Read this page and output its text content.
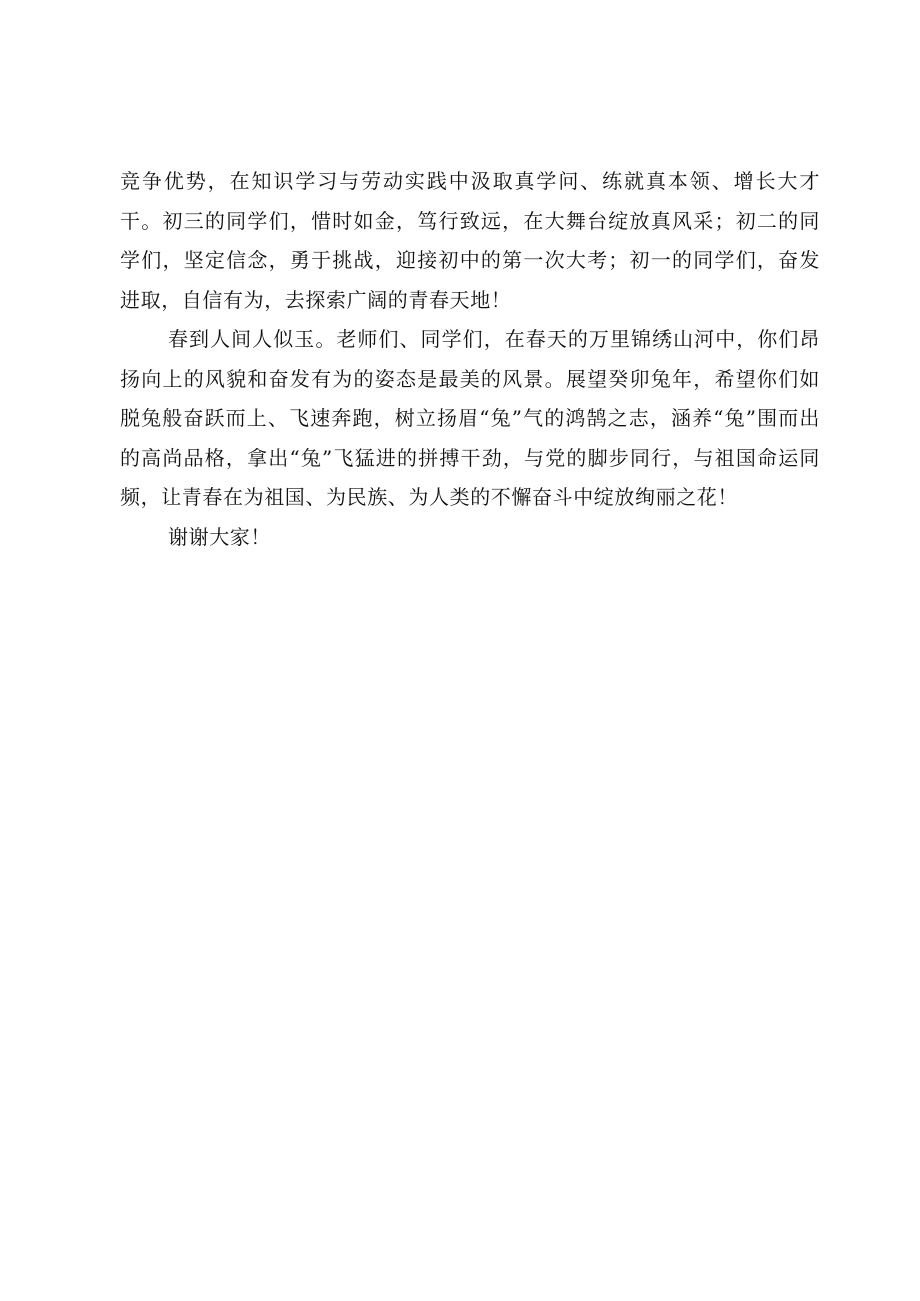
竞争优势，在知识学习与劳动实践中汲取真学问、练就真本领、增长大才干。初三的同学们，惜时如金，笃行致远，在大舞台绽放真风采；初二的同学们，坚定信念，勇于挑战，迎接初中的第一次大考；初一的同学们，奋发进取，自信有为，去探索广阔的青春天地！

春到人间人似玉。老师们、同学们，在春天的万里锦绣山河中，你们昂扬向上的风貌和奋发有为的姿态是最美的风景。展望癸卯兔年，希望你们如脱兔般奋跃而上、飞速奔跑，树立扬眉“兔”气的鸿鹄之志，涵养“兔”围而出的高尚品格，拿出“兔”飞猛进的拼搏干劲，与党的脚步同行，与祖国命运同频，让青春在为祖国、为民族、为人类的不懈奋斗中绽放绚丽之花！

谢谢大家！
